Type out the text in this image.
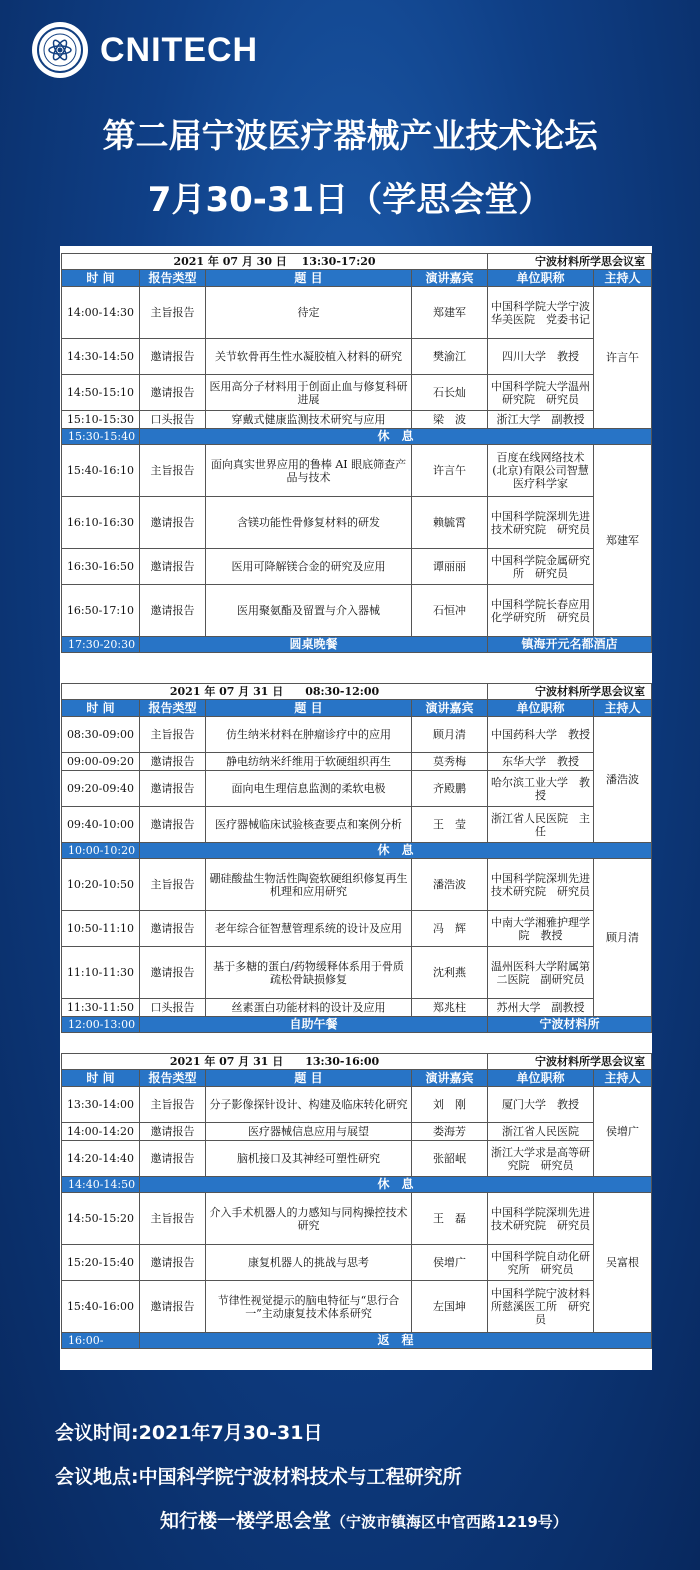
CNITECH
第二届宁波医疗器械产业技术论坛
7月30-31日（学思会堂）
2021 年 07 月 30 日　 13:30-17:20				宁波材料所学思会议室	
时 间	报告类型	题 目	演讲嘉宾	单位职称	主持人
14:00-14:30	主旨报告	待定	郑建军	中国科学院大学宁波华美医院　党委书记	许言午
14:30-14:50	邀请报告	关节软骨再生性水凝胶植入材料的研究	樊渝江	四川大学　教授	
14:50-15:10	邀请报告	医用高分子材料用于创面止血与修复科研进展	石长灿	中国科学院大学温州研究院　研究员	
15:10-15:30	口头报告	穿戴式健康监测技术研究与应用	梁　波	浙江大学　副教授	
15:30-15:40	休　息				
15:40-16:10	主旨报告	面向真实世界应用的鲁棒 AI 眼底筛查产品与技术	许言午	百度在线网络技术(北京)有限公司智慧医疗科学家	郑建军
16:10-16:30	邀请报告	含镁功能性骨修复材料的研发	赖毓霄	中国科学院深圳先进技术研究院　研究员	
16:30-16:50	邀请报告	医用可降解镁合金的研究及应用	谭丽丽	中国科学院金属研究所　研究员	
16:50-17:10	邀请报告	医用聚氨酯及留置与介入器械	石恒冲	中国科学院长春应用化学研究所　研究员	
17:30-20:30	圆桌晚餐			镇海开元名都酒店	
2021 年 07 月 31 日　　08:30-12:00				宁波材料所学思会议室	
时 间	报告类型	题 目	演讲嘉宾	单位职称	主持人
08:30-09:00	主旨报告	仿生纳米材料在肿瘤诊疗中的应用	顾月清	中国药科大学　教授	潘浩波
09:00-09:20	邀请报告	静电纺纳米纤维用于软硬组织再生	莫秀梅	东华大学　教授	
09:20-09:40	邀请报告	面向电生理信息监测的柔软电极	齐殿鹏	哈尔滨工业大学　教授	
09:40-10:00	邀请报告	医疗器械临床试验核查要点和案例分析	王　莹	浙江省人民医院　主任	
10:00-10:20	休　息				
10:20-10:50	主旨报告	硼硅酸盐生物活性陶瓷软硬组织修复再生机理和应用研究	潘浩波	中国科学院深圳先进技术研究院　研究员	顾月清
10:50-11:10	邀请报告	老年综合征智慧管理系统的设计及应用	冯　辉	中南大学湘雅护理学院　教授	
11:10-11:30	邀请报告	基于多糖的蛋白/药物缓释体系用于骨质疏松骨缺损修复	沈利燕	温州医科大学附属第二医院　副研究员	
11:30-11:50	口头报告	丝素蛋白功能材料的设计及应用	郑兆柱	苏州大学　副教授	
12:00-13:00	自助午餐			宁波材料所	
2021 年 07 月 31 日　　13:30-16:00				宁波材料所学思会议室	
时 间	报告类型	题 目	演讲嘉宾	单位职称	主持人
13:30-14:00	主旨报告	分子影像探针设计、构建及临床转化研究	刘　刚	厦门大学　教授	侯增广
14:00-14:20	邀请报告	医疗器械信息应用与展望	娄海芳	浙江省人民医院	
14:20-14:40	邀请报告	脑机接口及其神经可塑性研究	张韶岷	浙江大学求是高等研究院　研究员	
14:40-14:50	休　息				
14:50-15:20	主旨报告	介入手术机器人的力感知与同构操控技术研究	王　磊	中国科学院深圳先进技术研究院　研究员	吴富根
15:20-15:40	邀请报告	康复机器人的挑战与思考	侯增广	中国科学院自动化研究所　研究员	
15:40-16:00	邀请报告	节律性视觉提示的脑电特征与“思行合一”主动康复技术体系研究	左国坤	中国科学院宁波材料所慈溪医工所　研究员	
16:00-	返　程				
会议时间:2021年7月30-31日
会议地点:中国科学院宁波材料技术与工程研究所
知行楼一楼学思会堂（宁波市镇海区中官西路1219号）
